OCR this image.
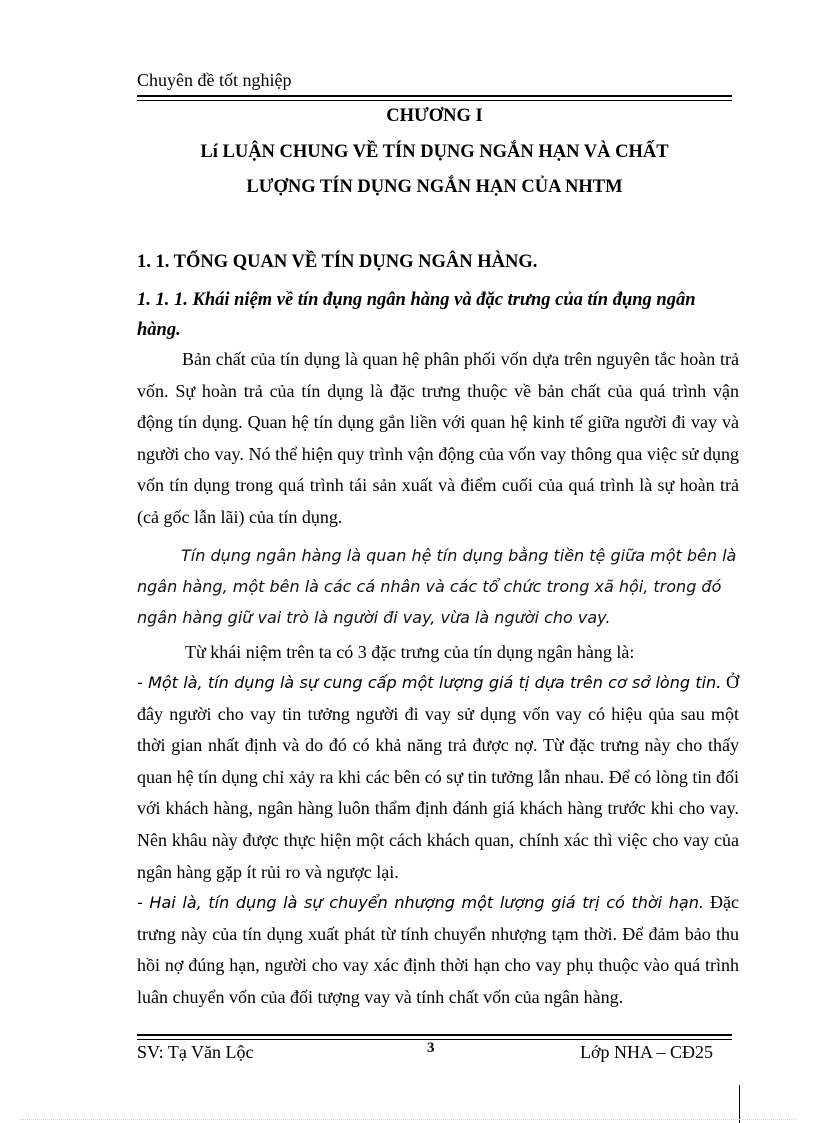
Chuyên đề tốt nghiệp
CHƯƠNG I
Lí LUẬN CHUNG VỀ TÍN DỤNG NGẮN HẠN VÀ CHẤT
LƯỢNG TÍN DỤNG NGẮN HẠN CỦA NHTM
1. 1. TỔNG QUAN VỀ TÍN DỤNG NGÂN HÀNG.
1. 1. 1. Khái niệm về tín đụng ngân hàng và đặc trưng của tín đụng ngân hàng.
Bản chất của tín dụng là quan hệ phân phối vốn dựa trên nguyên tắc hoàn trả vốn. Sự hoàn trả của tín dụng là đặc trưng thuộc về bản chất của quá trình vận động tín dụng. Quan hệ tín dụng gắn liền với quan hệ kinh tế giữa người đi vay và người cho vay. Nó thể hiện quy trình vận động của vốn vay thông qua việc sử dụng vốn tín dụng trong quá trình tái sản xuất và điểm cuối của quá trình là sự hoàn trả (cả gốc lẫn lãi) của tín dụng.
Tín dụng ngân hàng là quan hệ tín dụng bằng tiền tệ giữa một bên là ngân hàng, một bên là các cá nhân và các tổ chức trong xã hội, trong đó ngân hàng giữ vai trò là người đi vay, vừa là người cho vay.
Từ khái niệm trên ta có 3 đặc trưng của tín dụng ngân hàng là:
- Một là, tín dụng là sự cung cấp một lượng giá tị dựa trên cơ sở lòng tin. Ở đây người cho vay tin tưởng người đi vay sử dụng vốn vay có hiệu qủa sau một thời gian nhất định và do đó có khả năng trả được nợ. Từ đặc trưng này cho thấy quan hệ tín dụng chỉ xảy ra khi các bên có sự tin tưởng lẫn nhau. Để có lòng tin đối với khách hàng, ngân hàng luôn thẩm định đánh giá khách hàng trước khi cho vay. Nên khâu này được thực hiện một cách khách quan, chính xác thì việc cho vay của ngân hàng gặp ít rủi ro và ngược lại.
- Hai là, tín dụng là sự chuyển nhượng một lượng giá trị có thời hạn. Đặc trưng này của tín dụng xuất phát từ tính chuyển nhượng tạm thời. Để đảm bảo thu hồi nợ đúng hạn, người cho vay xác định thời hạn cho vay phụ thuộc vào quá trình luân chuyển vốn của đối tượng vay và tính chất vốn của ngân hàng.
SV: Tạ Văn Lộc	3	Lớp NHA – CĐ25
